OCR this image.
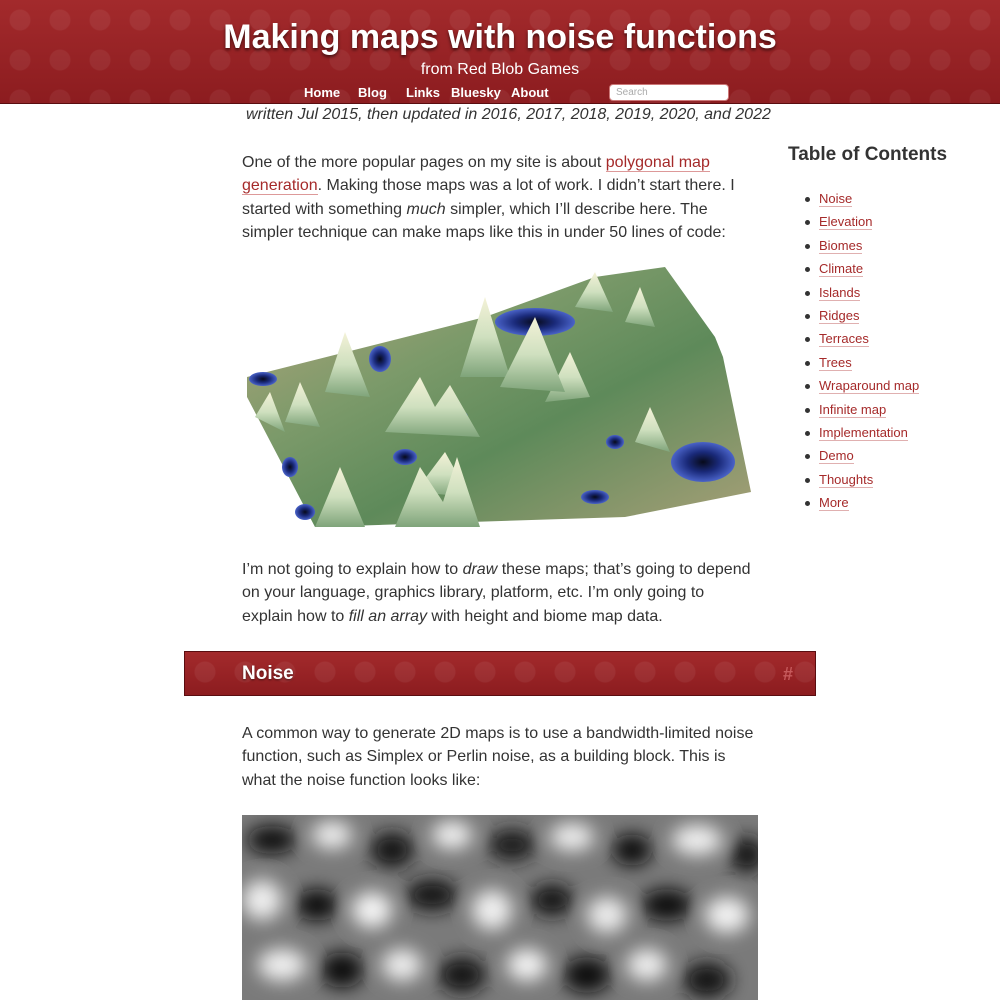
Making maps with noise functions
from Red Blob Games
Home Blog Links Bluesky About
Search
written Jul 2015, then updated in 2016, 2017, 2018, 2019, 2020, and 2022

One of the more popular pages on my site is about polygonal map generation. Making those maps was a lot of work. I didn’t start there. I started with something much simpler, which I’ll describe here. The simpler technique can make maps like this in under 50 lines of code:

I’m not going to explain how to draw these maps; that’s going to depend on your language, graphics library, platform, etc. I’m only going to explain how to fill an array with height and biome map data.

Noise	#

A common way to generate 2D maps is to use a bandwidth-limited noise function, such as Simplex or Perlin noise, as a building block. This is what the noise function looks like:

Table of Contents
Noise
Elevation
Biomes
Climate
Islands
Ridges
Terraces
Trees
Wraparound map
Infinite map
Implementation
Demo
Thoughts
More
